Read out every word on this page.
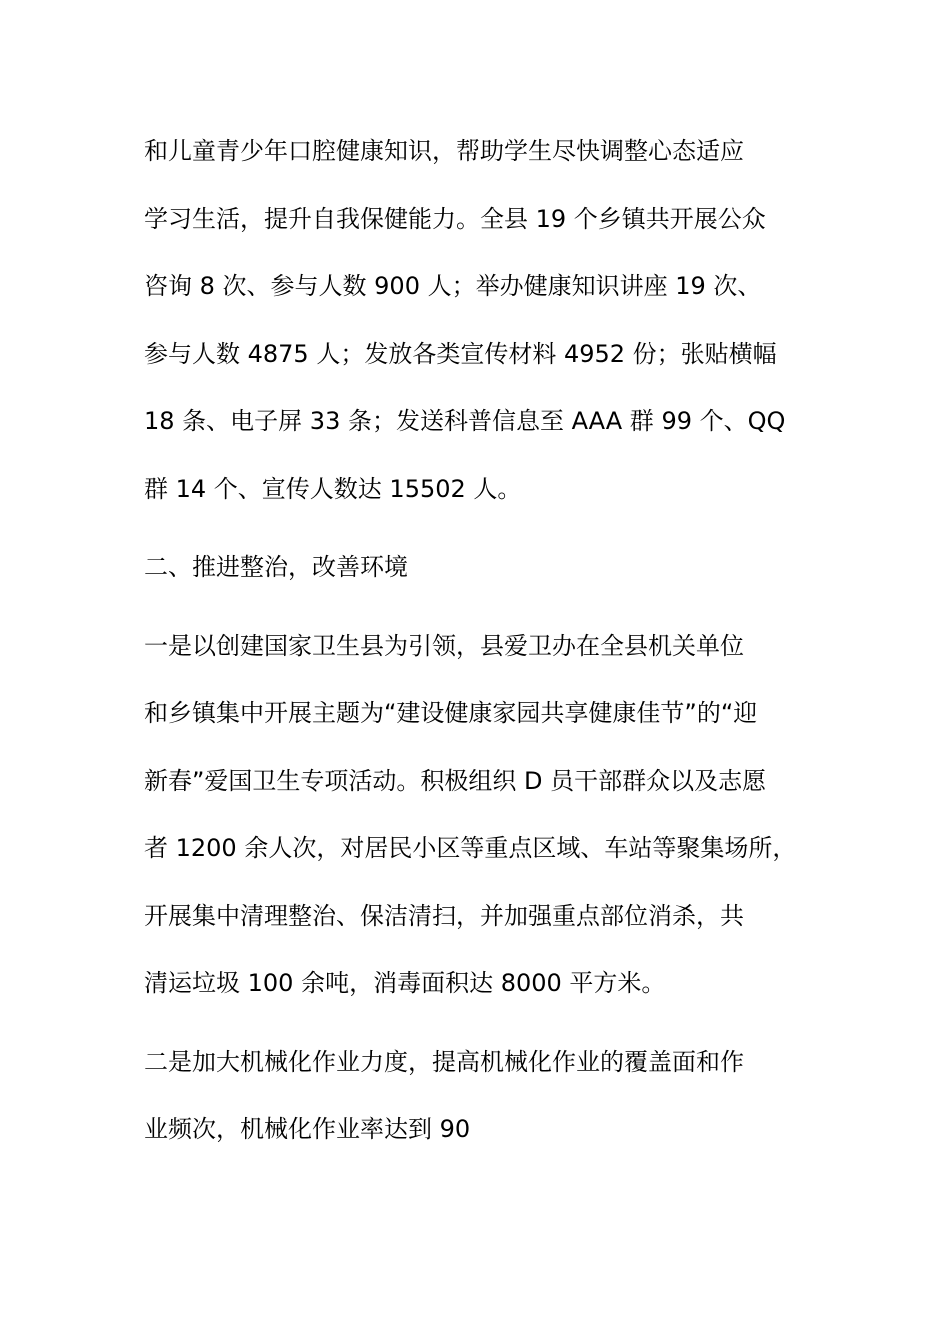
和儿童青少年口腔健康知识，帮助学生尽快调整心态适应
学习生活，提升自我保健能力。全县 19 个乡镇共开展公众
咨询 8 次、参与人数 900 人；举办健康知识讲座 19 次、
参与人数 4875 人；发放各类宣传材料 4952 份；张贴横幅
18 条、电子屏 33 条；发送科普信息至 AAA 群 99 个、QQ
群 14 个、宣传人数达 15502 人。
二、推进整治，改善环境
一是以创建国家卫生县为引领，县爱卫办在全县机关单位
和乡镇集中开展主题为“建设健康家园共享健康佳节”的“迎
新春”爱国卫生专项活动。积极组织 D 员干部群众以及志愿
者 1200 余人次，对居民小区等重点区域、车站等聚集场所，
开展集中清理整治、保洁清扫，并加强重点部位消杀，共
清运垃圾 100 余吨，消毒面积达 8000 平方米。
二是加大机械化作业力度，提高机械化作业的覆盖面和作
业频次，机械化作业率达到 90
